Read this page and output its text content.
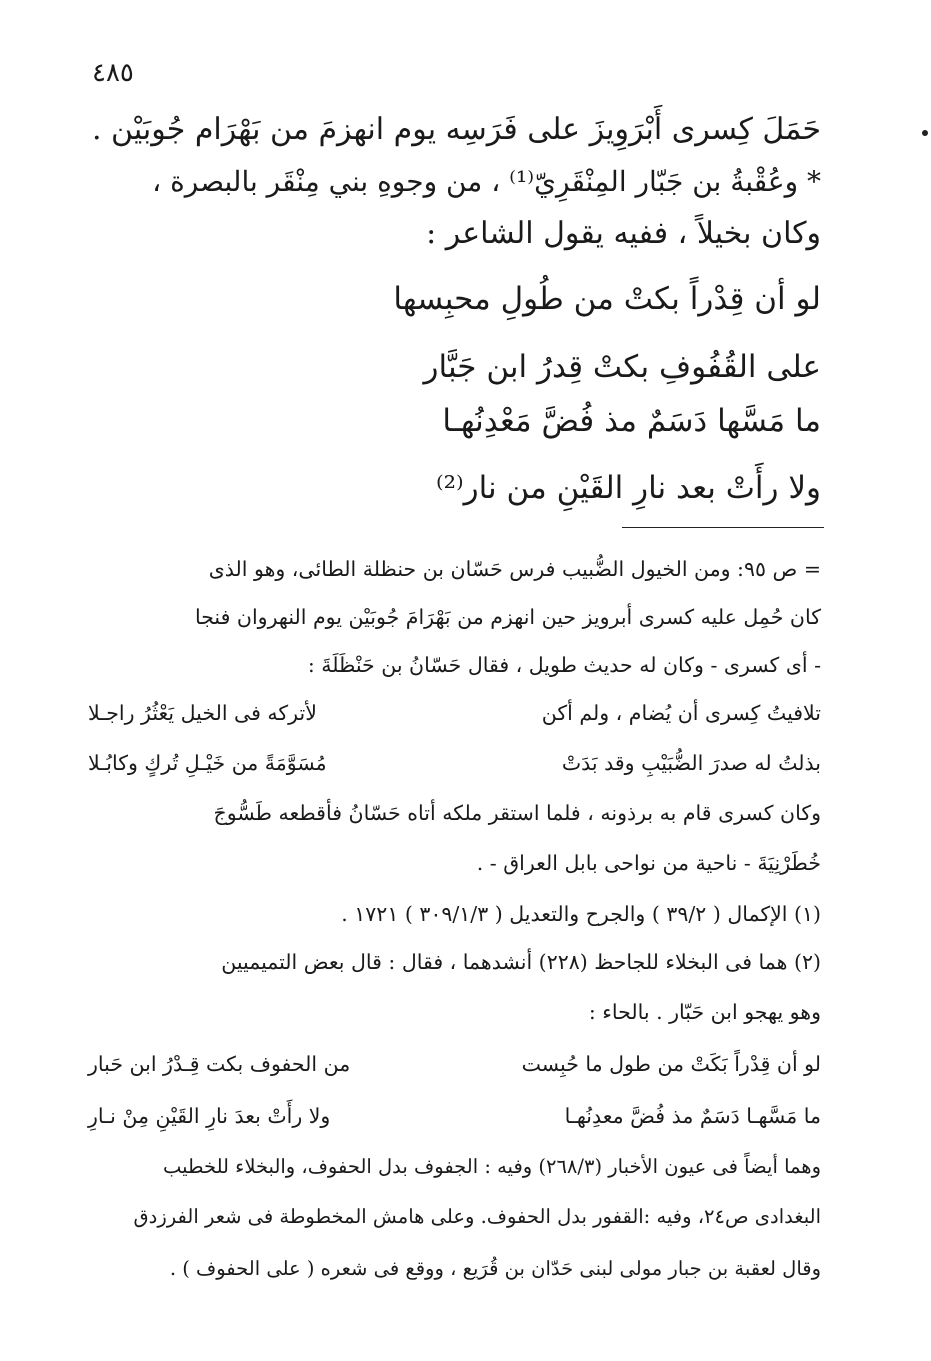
٤٨٥

حَمَلَ كِسرى أَبْرَوِيزَ على فَرَسِه يوم انهزمَ من بَهْرَام جُوبَيْن .

* وعُقْبةُ بن جَبّار المِنْقَرِيّ⁽¹⁾ ، من وجوهِ بني مِنْقَر بالبصرة ،

وكان بخيلاً ، ففيه يقول الشاعر :

لو أن قِدْراً بكتْ من طُولِ محبِسها
على القُفُوفِ بكتْ قِدرُ ابن جَبَّار
ما مَسَّها دَسَمٌ مذ فُضَّ مَعْدِنُهـا
ولا رأَتْ بعد نارِ القَيْنِ من نار⁽²⁾
= ص ٩٥: ومن الخيول الضُّبيب فرس حَسّان بن حنظلة الطائى، وهو الذى
كان حُمِل عليه كسرى أبرويز حين انهزم من بَهْرَامَ جُوبَيْن يوم النهروان فنجا
- أى كسرى - وكان له حديث طويل ، فقال حَسّانُ بن حَنْظَلَةَ :
تلافيتُ كِسرى أن يُضام ، ولم أكن
لأتركه فى الخيل يَعْثُرُ راجـلا
بذلتُ له صدرَ الضُّبَيْبِ وقد بَدَتْ
مُسَوَّمَةً من خَيْـلِ تُركٍ وكابُـلا
وكان كسرى قام به برذونه ، فلما استقر ملكه أتاه حَسّانُ فأقطعه طَسُّوجَ
خُطَرْنِيَةَ - ناحية من نواحى بابل العراق - .
(١) الإكمال ( ٣٩/٢ ) والجرح والتعديل ( ٣٠٩/١/٣ ) ١٧٢١ .
(٢) هما فى البخلاء للجاحظ (٢٢٨) أنشدهما ، فقال : قال بعض التميميين
وهو يهجو ابن حَبّار . بالحاء :
لو أن قِدْراً بَكَتْ من طول ما حُبِست
من الحفوف بكت قِـدْرُ ابن حَبار
ما مَسَّهـا دَسَمٌ مذ فُضَّ معدِنُهـا
ولا رأَتْ بعدَ نارِ القَيْنِ مِنْ نـارِ
وهما أيضاً فى عيون الأخبار (٢٦٨/٣) وفيه : الجفوف بدل الحفوف، والبخلاء للخطيب
البغدادى ص٢٤، وفيه :القفور بدل الحفوف. وعلى هامش المخطوطة فى شعر الفرزدق
وقال لعقبة بن جبار مولى لبنى حَدّان بن قُرَيع ، ووقع فى شعره ( على الحفوف ) .
